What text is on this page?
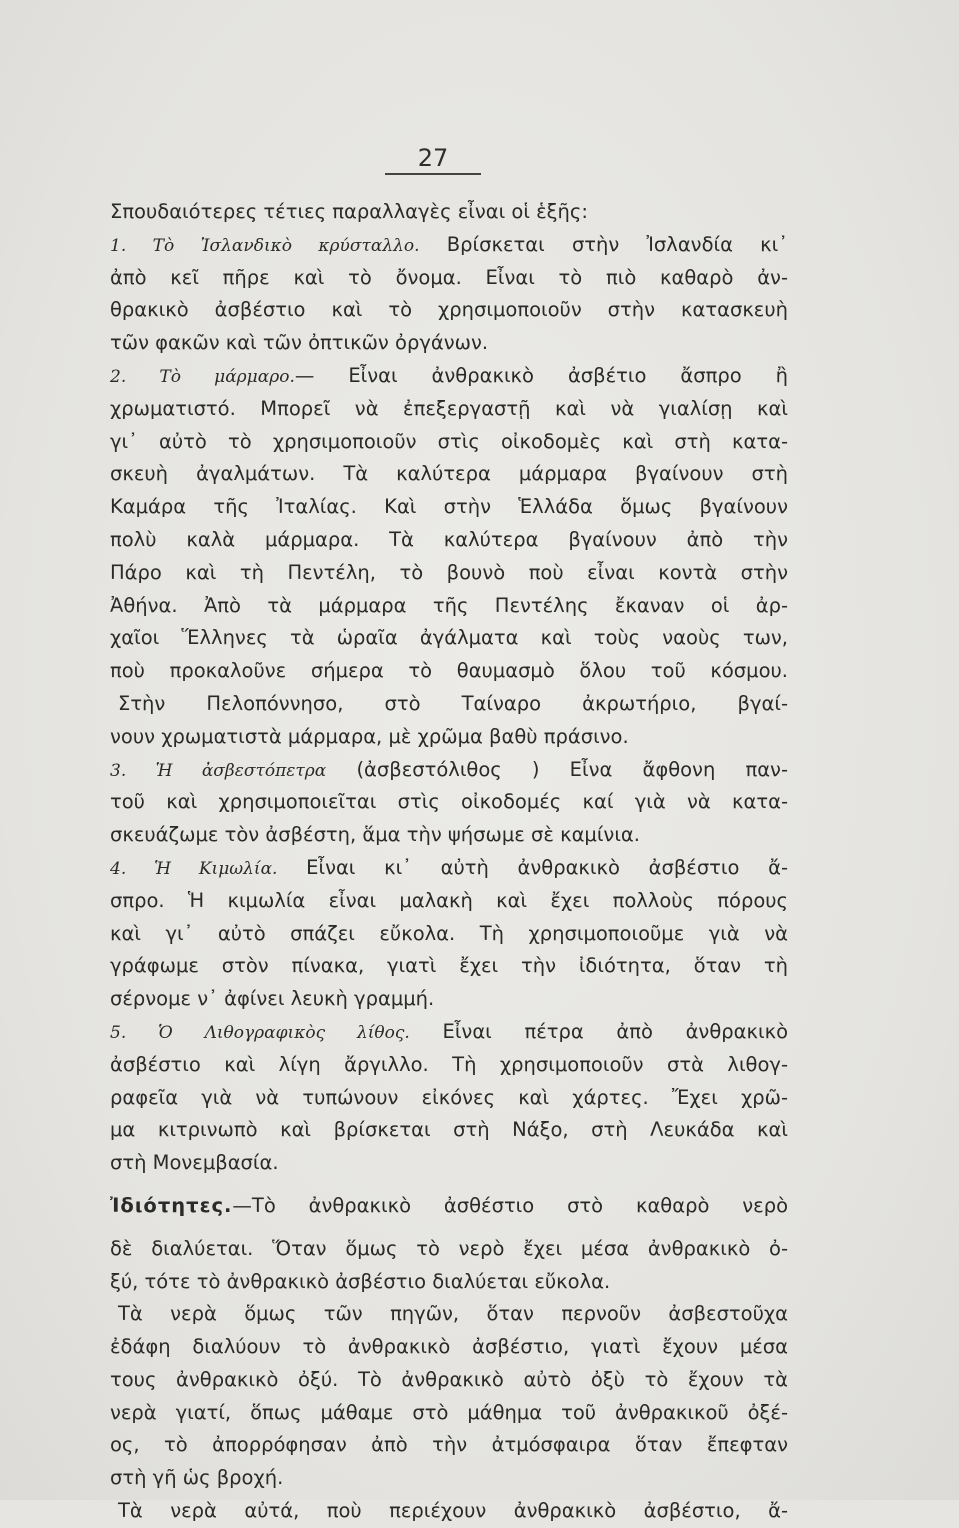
27
Σπουδαιότερες τέτιες παραλλαγὲς εἶναι οἱ ἑξῆς:
1. Τὸ Ἰσλανδικὸ κρύσταλλο. Βρίσκεται στὴν Ἰσλανδία κι᾿
ἀπὸ κεῖ πῆρε καὶ τὸ ὄνομα. Εἶναι τὸ πιὸ καθαρὸ ἀν-
θρακικὸ ἀσβέστιο καὶ τὸ χρησιμοποιοῦν στὴν κατασκευὴ
τῶν φακῶν καὶ τῶν ὀπτικῶν ὀργάνων.
2. Τὸ μάρμαρο.— Εἶναι ἀνθρακικὸ ἀσβέτιο ἄσπρο ἢ
χρωματιστό. Μπορεῖ νὰ ἐπεξεργαστῇ καὶ νὰ γιαλίσῃ καὶ
γι᾿ αὐτὸ τὸ χρησιμοποιοῦν στὶς οἰκοδομὲς καὶ στὴ κατα-
σκευὴ ἀγαλμάτων. Τὰ καλύτερα μάρμαρα βγαίνουν στὴ
Καμάρα τῆς Ἰταλίας. Καὶ στὴν Ἑλλάδα ὅμως βγαίνουν
πολὺ καλὰ μάρμαρα. Τὰ καλύτερα βγαίνουν ἀπὸ τὴν
Πάρο καὶ τὴ Πεντέλη, τὸ βουνὸ ποὺ εἶναι κοντὰ στὴν
Ἀθήνα. Ἀπὸ τὰ μάρμαρα τῆς Πεντέλης ἔκαναν οἱ ἀρ-
χαῖοι Ἕλληνες τὰ ὡραῖα ἀγάλματα καὶ τοὺς ναοὺς των,
ποὺ προκαλοῦνε σήμερα τὸ θαυμασμὸ ὅλου τοῦ κόσμου.
Στὴν Πελοπόννησο, στὸ Ταίναρο ἀκρωτήριο, βγαί-
νουν χρωματιστὰ μάρμαρα, μὲ χρῶμα βαθὺ πράσινο.
3. Ἡ ἀσβεστόπετρα (ἀσβεστόλιθος ) Εἶνα ἄφθονη παν-
τοῦ καὶ χρησιμοποιεῖται στὶς οἰκοδομές καί γιὰ νὰ κατα-
σκευάζωμε τὸν ἀσβέστη, ἅμα τὴν ψήσωμε σὲ καμίνια.
4. Ἡ Κιμωλία. Εἶναι κι᾿ αὐτὴ ἀνθρακικὸ ἀσβέστιο ἄ-
σπρο. Ἡ κιμωλία εἶναι μαλακὴ καὶ ἔχει πολλοὺς πόρους
καὶ γι᾿ αὐτὸ σπάζει εὔκολα. Τὴ χρησιμοποιοῦμε γιὰ νὰ
γράφωμε στὸν πίνακα, γιατὶ ἔχει τὴν ἰδιότητα, ὅταν τὴ
σέρνομε ν᾿ ἀφίνει λευκὴ γραμμή.
5. Ὁ Λιθογραφικὸς λίθος. Εἶναι πέτρα ἀπὸ ἀνθρακικὸ
ἀσβέστιο καὶ λίγη ἄργιλλο. Τὴ χρησιμοποιοῦν στὰ λιθογ-
ραφεῖα γιὰ νὰ τυπώνουν εἰκόνες καὶ χάρτες. Ἔχει χρῶ-
μα κιτρινωπὸ καὶ βρίσκεται στὴ Νάξο, στὴ Λευκάδα καὶ
στὴ Μονεμβασία.
Ἰδιότητες.—Τὸ ἀνθρακικὸ ἀσθέστιο στὸ καθαρὸ νερὸ
δὲ διαλύεται. Ὅταν ὅμως τὸ νερὸ ἔχει μέσα ἀνθρακικὸ ὀ-
ξύ, τότε τὸ ἀνθρακικὸ ἀσβέστιο διαλύεται εὔκολα.
Τὰ νερὰ ὅμως τῶν πηγῶν, ὅταν περνοῦν ἀσβεστοῦχα
ἐδάφη διαλύουν τὸ ἀνθρακικὸ ἀσβέστιο, γιατὶ ἔχουν μέσα
τους ἀνθρακικὸ ὀξύ. Τὸ ἀνθρακικὸ αὐτὸ ὀξὺ τὸ ἔχουν τὰ
νερὰ γιατί, ὅπως μάθαμε στὸ μάθημα τοῦ ἀνθρακικοῦ ὀξέ-
ος, τὸ ἀπορρόφησαν ἀπὸ τὴν ἀτμόσφαιρα ὅταν ἔπεφταν
στὴ γῆ ὡς βροχή.
Τὰ νερὰ αὐτά, ποὺ περιέχουν ἀνθρακικὸ ἀσβέστιο, ἄ-
